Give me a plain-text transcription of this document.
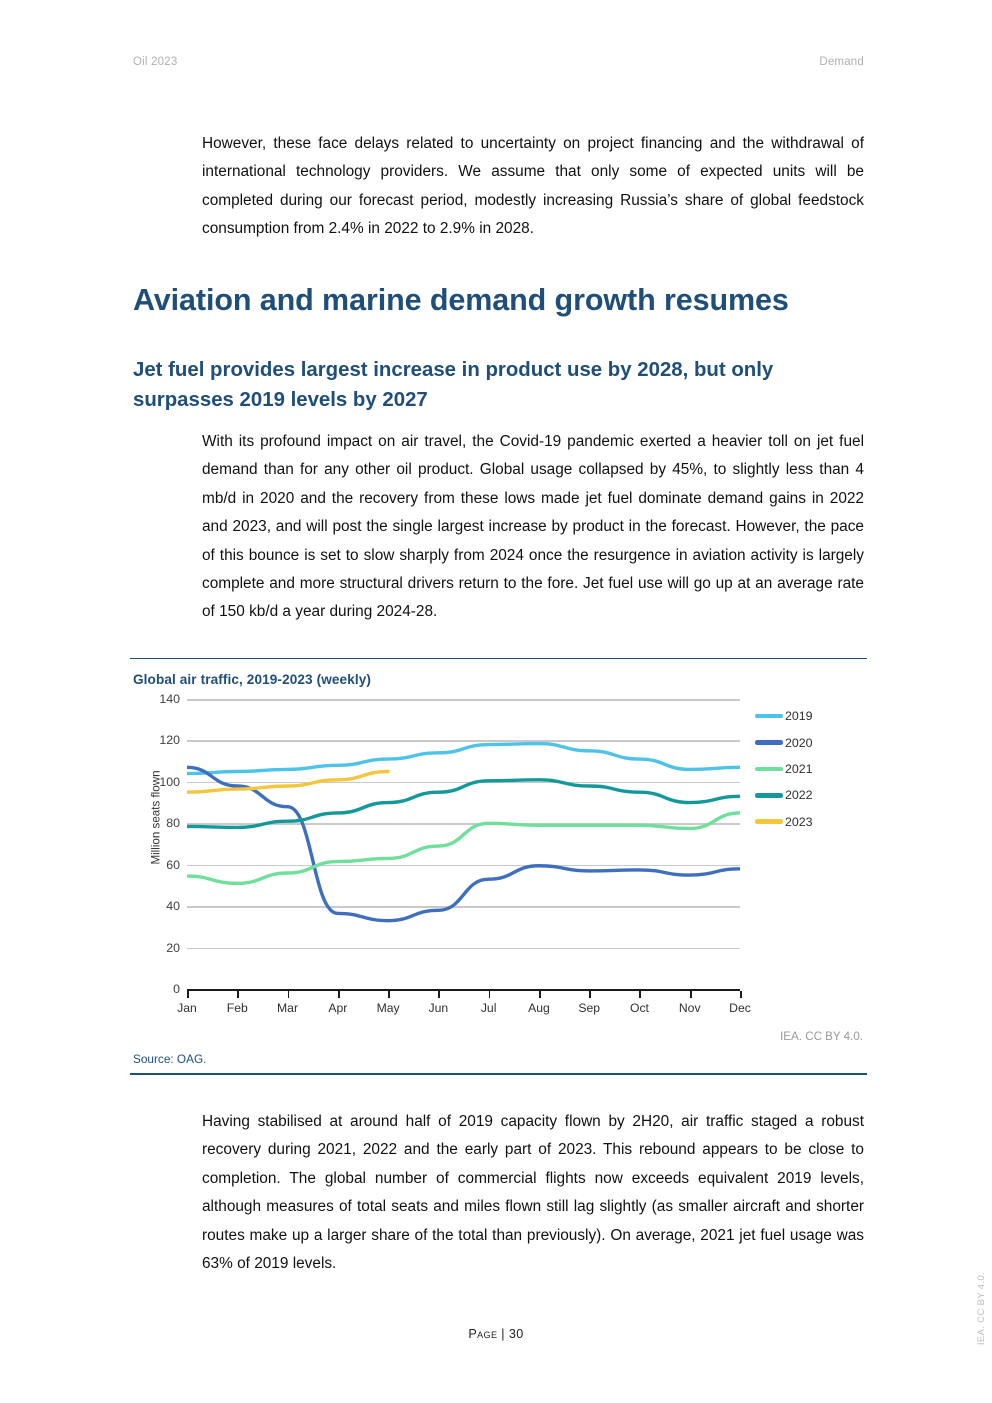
Oil 2023	Demand
However, these face delays related to uncertainty on project financing and the withdrawal of international technology providers. We assume that only some of expected units will be completed during our forecast period, modestly increasing Russia’s share of global feedstock consumption from 2.4% in 2022 to 2.9% in 2028.
Aviation and marine demand growth resumes
Jet fuel provides largest increase in product use by 2028, but only surpasses 2019 levels by 2027
With its profound impact on air travel, the Covid-19 pandemic exerted a heavier toll on jet fuel demand than for any other oil product. Global usage collapsed by 45%, to slightly less than 4 mb/d in 2020 and the recovery from these lows made jet fuel dominate demand gains in 2022 and 2023, and will post the single largest increase by product in the forecast. However, the pace of this bounce is set to slow sharply from 2024 once the resurgence in aviation activity is largely complete and more structural drivers return to the fore. Jet fuel use will go up at an average rate of 150 kb/d a year during 2024-28.
Global air traffic, 2019-2023 (weekly)
Million seats flown
0
20
40
60
80
100
120
140
Jan Feb Mar Apr May Jun	Jul	Aug Sep Oct Nov Dec
2019
2020
2021
2022
2023
IEA. CC BY 4.0.
Source: OAG.
Having stabilised at around half of 2019 capacity flown by 2H20, air traffic staged a robust recovery during 2021, 2022 and the early part of 2023. This rebound appears to be close to completion. The global number of commercial flights now exceeds equivalent 2019 levels, although measures of total seats and miles flown still lag slightly (as smaller aircraft and shorter routes make up a larger share of the total than previously). On average, 2021 jet fuel usage was 63% of 2019 levels.
Page | 30	IEA. CC BY 4.0.
